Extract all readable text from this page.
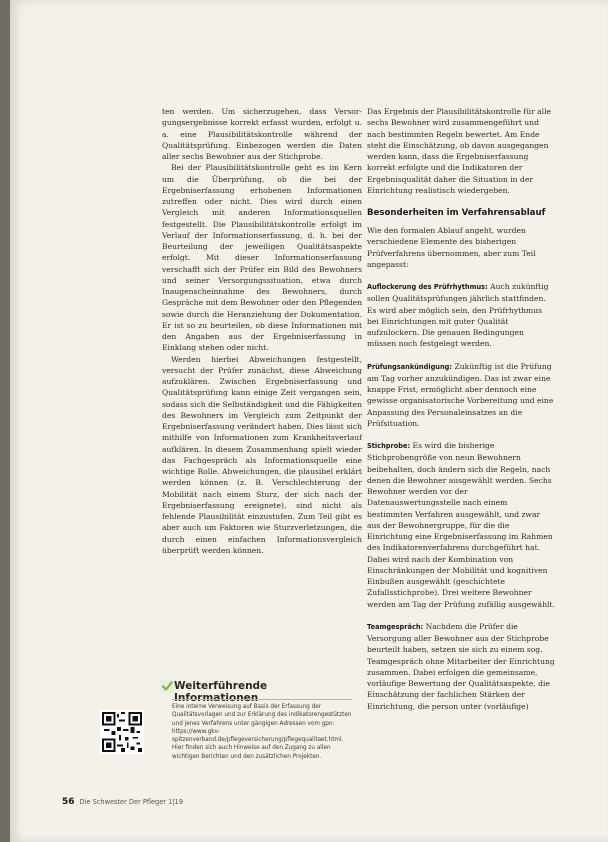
ten werden. Um sicherzugehen, dass Versor-gungsergebnisse korrekt erfasst wurden, erfolgt u. a. eine Plausibilitätskontrolle während der Qualitätsprüfung. Einbezogen werden die Daten aller sechs Bewohner aus der Stichprobe.

Bei der Plausibilitätskontrolle geht es im Kern um die Überprüfung, ob die bei der Ergebniserfassung erhobenen Informationen zutreffen oder nicht. Dies wird durch einen Vergleich mit anderen Informationsquellen festgestellt. Die Plausibilitätskontrolle erfolgt im Verlauf der Informationserfassung, d. h. bei der Beurteilung der jeweiligen Qualitätsaspekte erfolgt. Mit dieser Informationserfassung verschafft sich der Prüfer ein Bild des Bewohners und seiner Versorgungssituation, etwa durch Inaugenscheinnahme des Bewohners, durch Gespräche mit dem Bewohner oder den Pflegenden sowie durch die Heranziehung der Dokumentation. Er ist so zu beurteilen, ob diese Informationen mit den Angaben aus der Ergebniserfassung in Einklang stehen oder nicht.

Werden hierbei Abweichungen festgestellt, versucht der Prüfer zunächst, diese Abweichung aufzuklären. Zwischen Ergebniserfassung und Qualitätsprüfung kann einige Zeit vergangen sein, sodass sich die Selbständigkeit und die Fähigkeiten des Bewohners im Vergleich zum Zeitpunkt der Ergebniserfassung verändert haben. Dies lässt sich mithilfe von Informationen zum Krankheitsverlauf aufklären. In diesem Zusammenhang spielt wieder das Fachgespräch als Informationsquelle eine wichtige Rolle. Abweichungen, die plausibel erklärt werden können (z. B. Verschlechterung der Mobilität nach einem Sturz, der sich nach der Ergebniserfassung ereignete), sind nicht als fehlende Plausibilität einzustufen. Zum Teil gibt es aber auch um Faktoren wie Sturzverletzungen, die durch einen einfachen Informationsvergleich überprüft werden können.

Das Ergebnis der Plausibilitätskontrolle für alle sechs Bewohner wird zusammengeführt und nach bestimmten Regeln bewertet. Am Ende steht die Einschätzung, ob davon ausgegangen werden kann, dass die Ergebniserfassung korrekt erfolgte und die Indikatoren der Ergebnisqualität daher die Situation in der Einrichtung realistisch wiedergeben.

Besonderheiten im Verfahrensablauf

Wie den formalen Ablauf angeht, wurden verschiedene Elemente des bisherigen Prüfverfahrens übernommen, aber zum Teil angepasst:

Auflockerung des Prüfrhythmus: Auch zukünftig sollen Qualitätsprüfungen jährlich stattfinden. Es wird aber möglich sein, den Prüfrhythmus bei Einrichtungen mit guter Qualität aufzulockern. Die genauen Bedingungen müssen noch festgelegt werden.

Prüfungsankündigung: Zukünftig ist die Prüfung am Tag vorher anzukündigen. Das ist zwar eine knappe Frist, ermöglicht aber dennoch eine gewisse organisatorische Vorbereitung und eine Anpassung des Personaleinsatzes an die Prüfsituation.

Stichprobe: Es wird die bisherige Stichprobengröße von neun Bewohnern beibehalten, doch ändern sich die Regeln, nach denen die Bewohner ausgewählt werden. Sechs Bewohner werden vor der Datenauswertungsstelle nach einem bestimmten Verfahren ausgewählt, und zwar aus der Bewohnergruppe, für die die Einrichtung eine Ergebniserfassung im Rahmen des Indikatorenverfahrens durchgeführt hat. Dabei wird nach der Kombination von Einschränkungen der Mobilität und kognitiven Einbußen ausgewählt (geschichtete Zufallsstichprobe). Drei weitere Bewohner werden am Tag der Prüfung zufällig ausgewählt.

Teamgespräch: Nachdem die Prüfer die Versorgung aller Bewohner aus der Stichprobe beurteilt haben, setzen sie sich zu einem sog. Teamgespräch ohne Mitarbeiter der Einrichtung zusammen. Dabei erfolgen die gemeinsame, vorläufige Bewertung der Qualitätsaspekte, die Einschätzung der fachlichen Stärken der Einrichtung, die person unter (vorläufige)

Weiterführende Informationen
Eine interne Verweisung auf Basis der Erfassung der Qualitätsvorlagen und zur Erklärung des indikatorengestützten und jenes Verfahrens unter gängigen Adressen vom gpn: https://www.gkv-spitzenverband.de/pflegeversicherung/pflegequalitaet.html. Hier finden sich auch Hinweise auf den Zugang zu allen wichtigen Berichten und den zusätzlichen Projekten.
56 Die Schwester Der Pfleger 1|19
